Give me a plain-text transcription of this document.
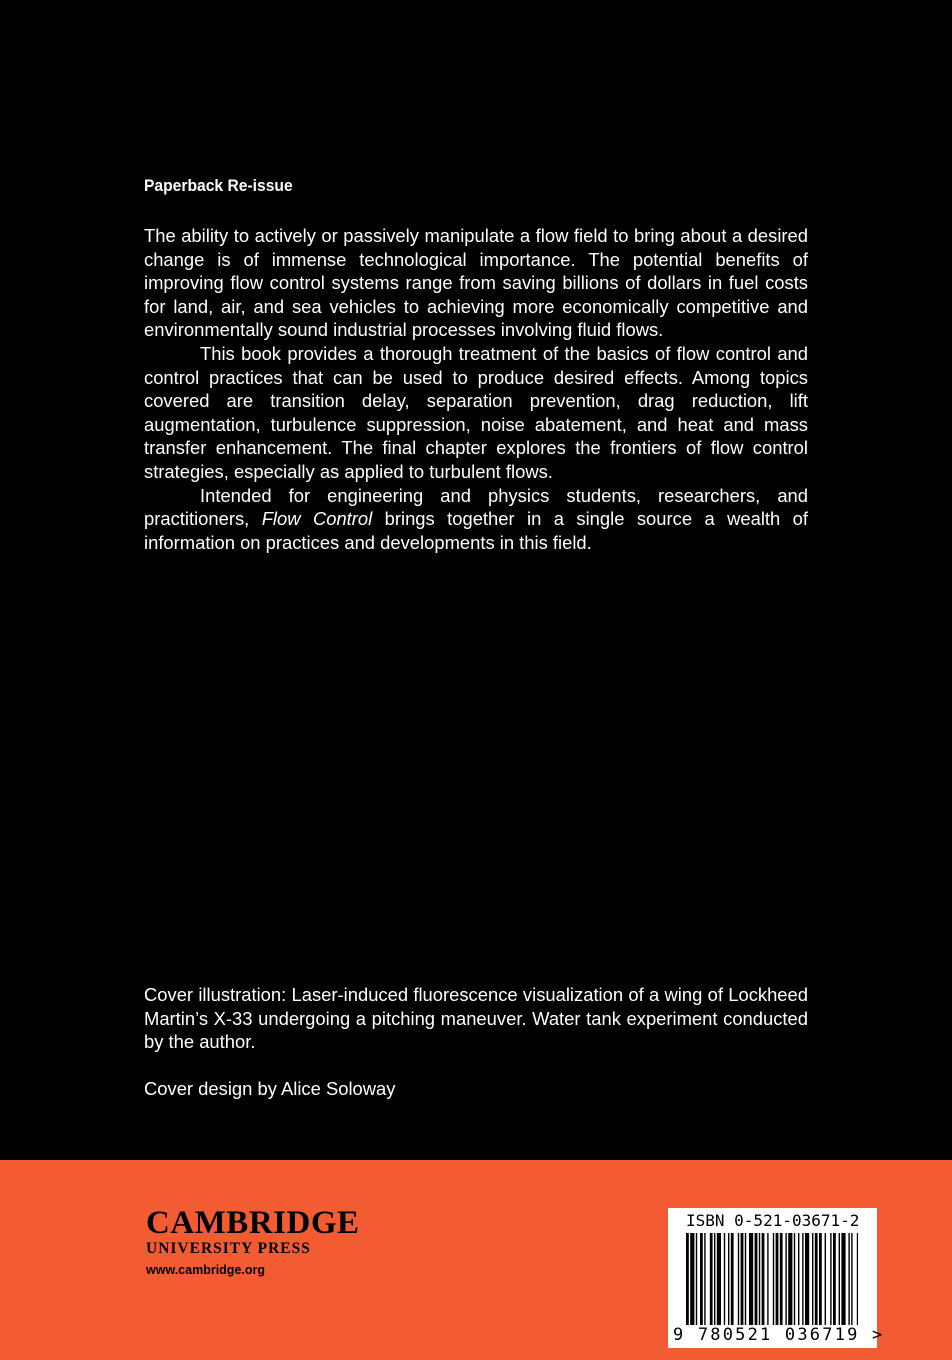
Paperback Re-issue

The ability to actively or passively manipulate a flow field to bring about a desired change is of immense technological importance. The potential benefits of improving flow control systems range from saving billions of dollars in fuel costs for land, air, and sea vehicles to achieving more economically competitive and environmentally sound industrial processes involving fluid flows.

This book provides a thorough treatment of the basics of flow control and control practices that can be used to produce desired effects. Among topics covered are transition delay, separation prevention, drag reduction, lift augmentation, turbulence suppression, noise abatement, and heat and mass transfer enhancement. The final chapter explores the frontiers of flow control strategies, especially as applied to turbulent flows.

Intended for engineering and physics students, researchers, and practitioners, Flow Control brings together in a single source a wealth of information on practices and developments in this field.

Cover illustration: Laser-induced fluorescence visualization of a wing of Lockheed Martin’s X-33 undergoing a pitching maneuver. Water tank experiment conducted by the author.
Cover design by Alice Soloway
CAMBRIDGE
UNIVERSITY PRESS
www.cambridge.org
ISBN 0-521-03671-2
9 780521 036719 >
